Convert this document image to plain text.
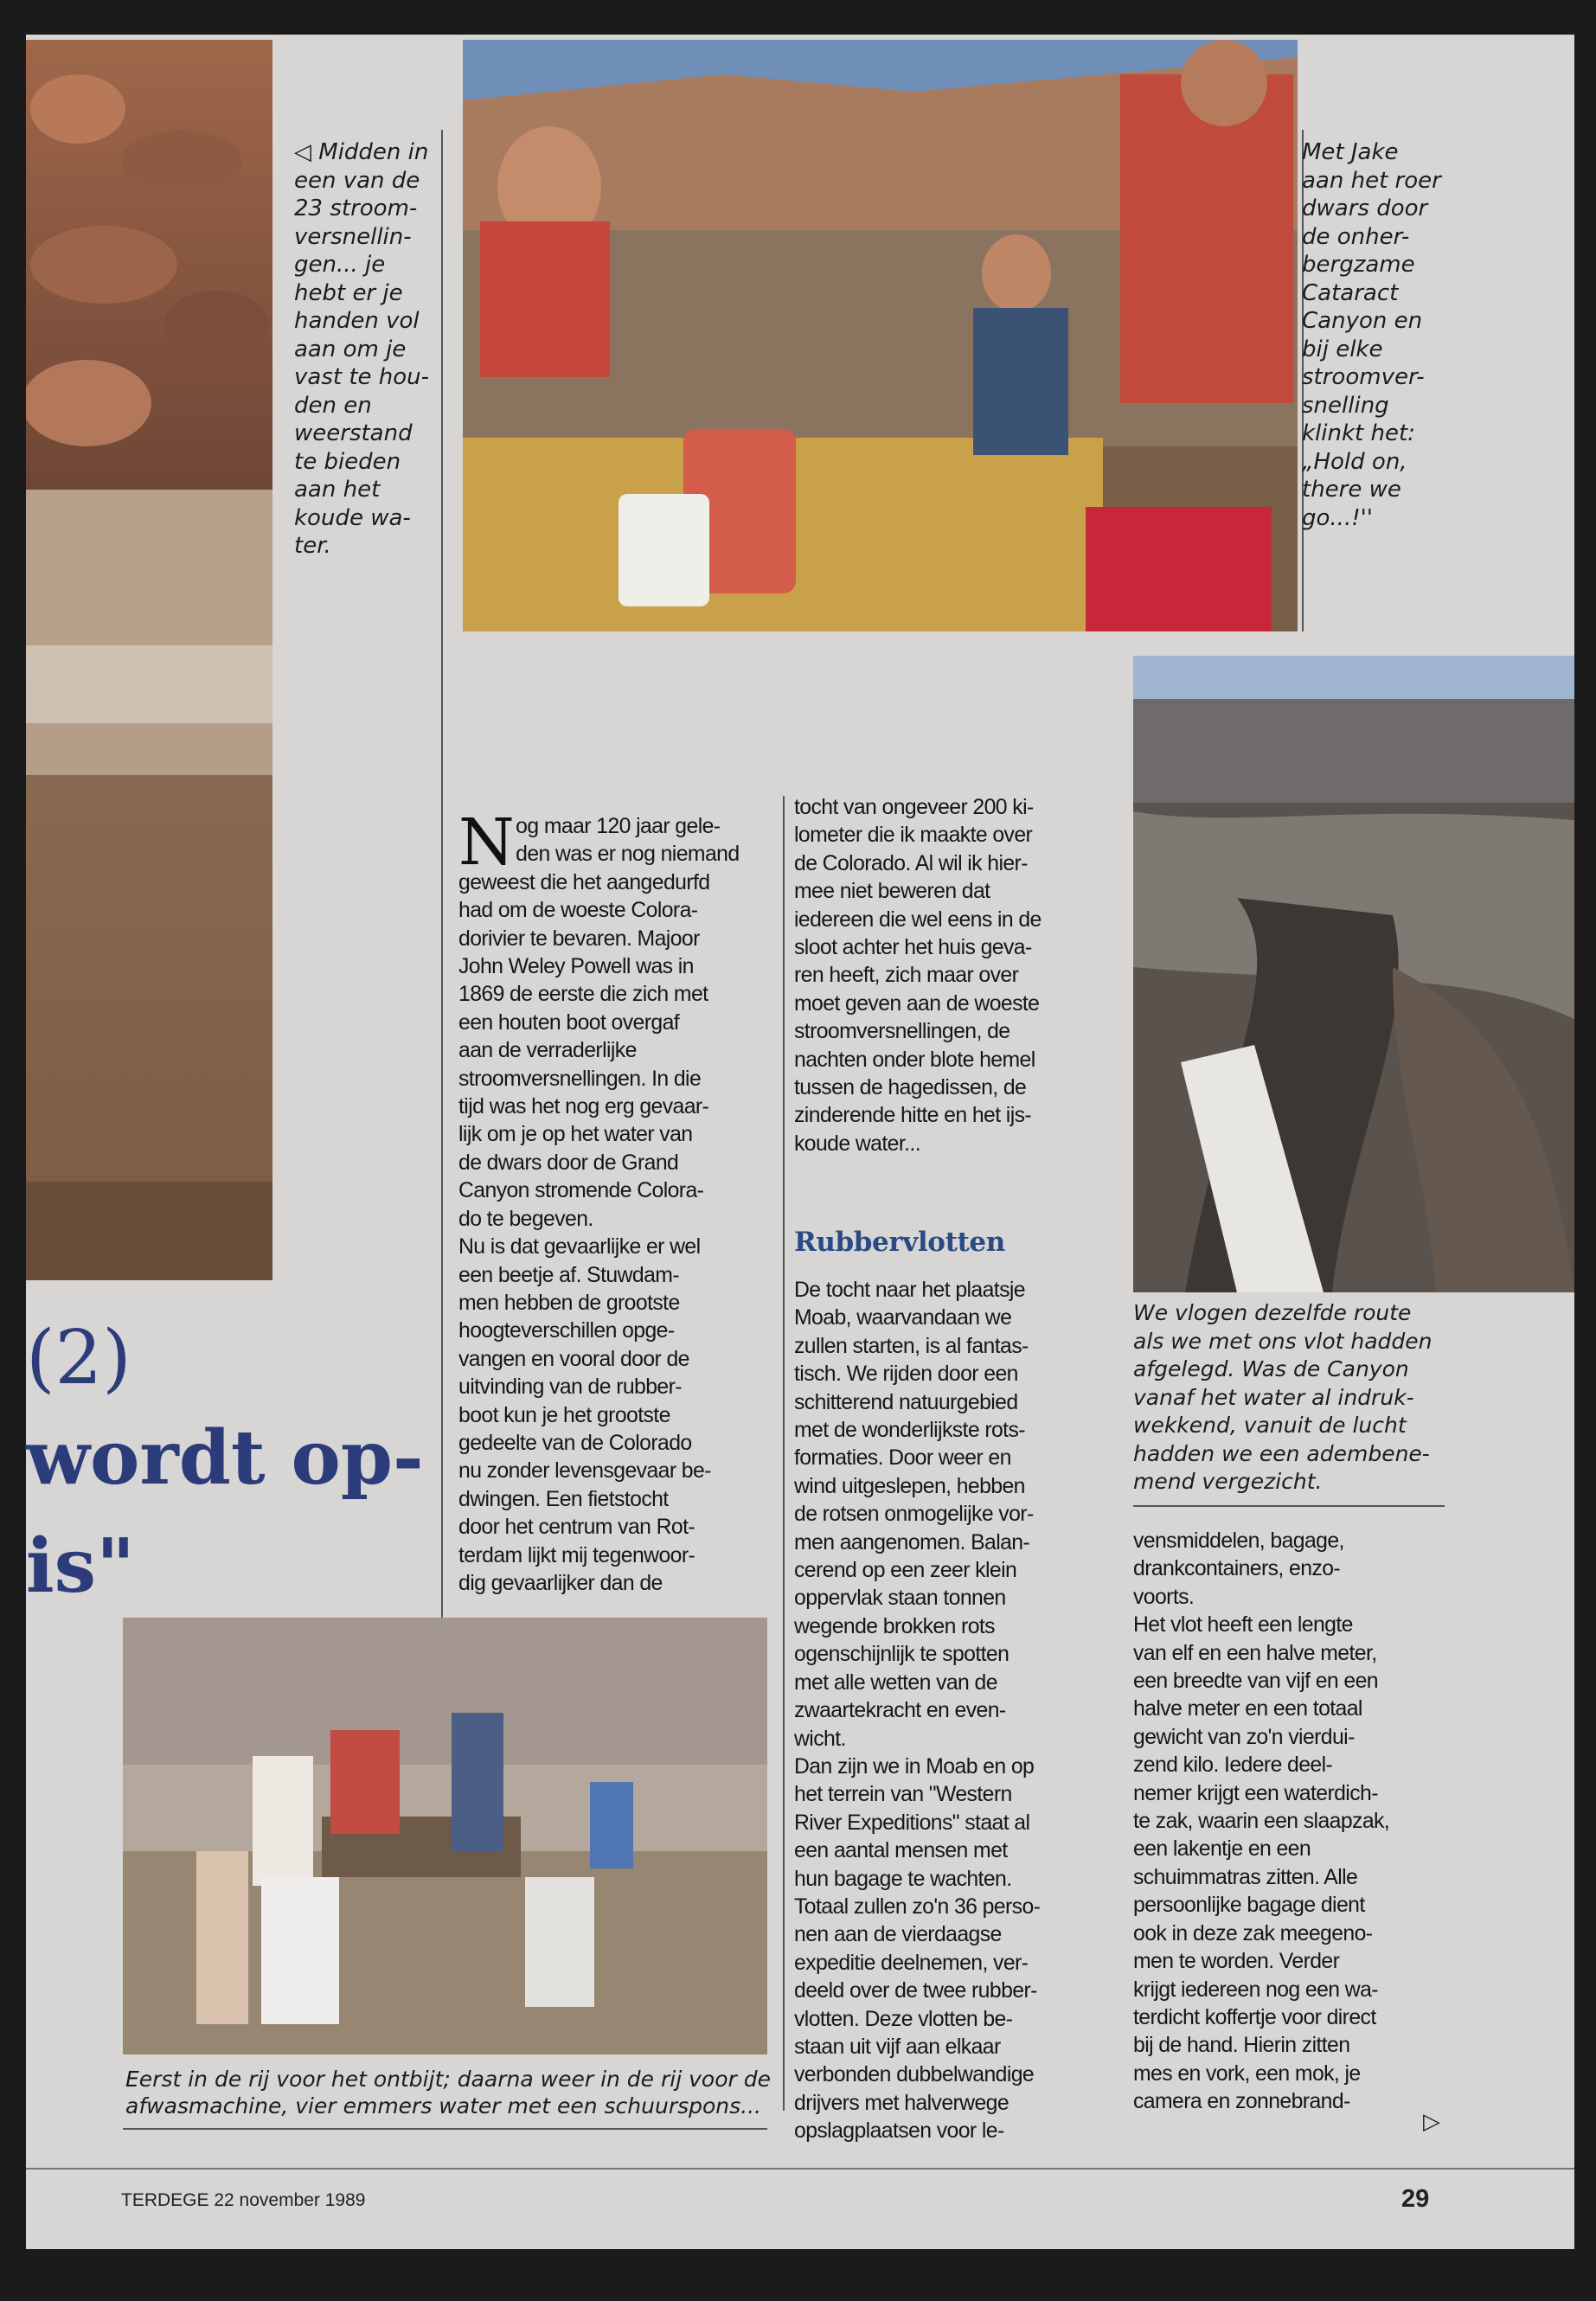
◁ Midden in
een van de
23 stroom-
versnellin-
gen... je
hebt er je
handen vol
aan om je
vast te hou-
den en
weerstand
te bieden
aan het
koude wa-
ter.
Met Jake
aan het roer
dwars door
de onher-
bergzame
Cataract
Canyon en
bij elke
stroomver-
snelling
klinkt het:
„Hold on,
there we
go...!''
We vlogen dezelfde route
als we met ons vlot hadden
afgelegd. Was de Canyon
vanaf het water al indruk-
wekkend, vanuit de lucht
hadden we een adembene-
mend vergezicht.
(2)
wordt op-
is"
Nog maar 120 jaar gele-
den was er nog niemand
geweest die het aangedurfd
had om de woeste Colora-
dorivier te bevaren. Majoor
John Weley Powell was in
1869 de eerste die zich met
een houten boot overgaf
aan de verraderlijke
stroomversnellingen. In die
tijd was het nog erg gevaar-
lijk om je op het water van
de dwars door de Grand
Canyon stromende Colora-
do te begeven.
Nu is dat gevaarlijke er wel
een beetje af. Stuwdam-
men hebben de grootste
hoogteverschillen opge-
vangen en vooral door de
uitvinding van de rubber-
boot kun je het grootste
gedeelte van de Colorado
nu zonder levensgevaar be-
dwingen. Een fietstocht
door het centrum van Rot-
terdam lijkt mij tegenwoor-
dig gevaarlijker dan de
tocht van ongeveer 200 ki-
lometer die ik maakte over
de Colorado. Al wil ik hier-
mee niet beweren dat
iedereen die wel eens in de
sloot achter het huis geva-
ren heeft, zich maar over
moet geven aan de woeste
stroomversnellingen, de
nachten onder blote hemel
tussen de hagedissen, de
zinderende hitte en het ijs-
koude water...
Rubbervlotten
De tocht naar het plaatsje
Moab, waarvandaan we
zullen starten, is al fantas-
tisch. We rijden door een
schitterend natuurgebied
met de wonderlijkste rots-
formaties. Door weer en
wind uitgeslepen, hebben
de rotsen onmogelijke vor-
men aangenomen. Balan-
cerend op een zeer klein
oppervlak staan tonnen
wegende brokken rots
ogenschijnlijk te spotten
met alle wetten van de
zwaartekracht en even-
wicht.
Dan zijn we in Moab en op
het terrein van "Western
River Expeditions" staat al
een aantal mensen met
hun bagage te wachten.
Totaal zullen zo'n 36 perso-
nen aan de vierdaagse
expeditie deelnemen, ver-
deeld over de twee rubber-
vlotten. Deze vlotten be-
staan uit vijf aan elkaar
verbonden dubbelwandige
drijvers met halverwege
opslagplaatsen voor le-
vensmiddelen, bagage,
drankcontainers, enzo-
voorts.
Het vlot heeft een lengte
van elf en een halve meter,
een breedte van vijf en een
halve meter en een totaal
gewicht van zo'n vierdui-
zend kilo. Iedere deel-
nemer krijgt een waterdich-
te zak, waarin een slaapzak,
een lakentje en een
schuimmatras zitten. Alle
persoonlijke bagage dient
ook in deze zak meegeno-
men te worden. Verder
krijgt iedereen nog een wa-
terdicht koffertje voor direct
bij de hand. Hierin zitten
mes en vork, een mok, je
camera en zonnebrand-
▷
Eerst in de rij voor het ontbijt; daarna weer in de rij voor de
afwasmachine, vier emmers water met een schuurspons...
TERDEGE 22 november 1989	29
